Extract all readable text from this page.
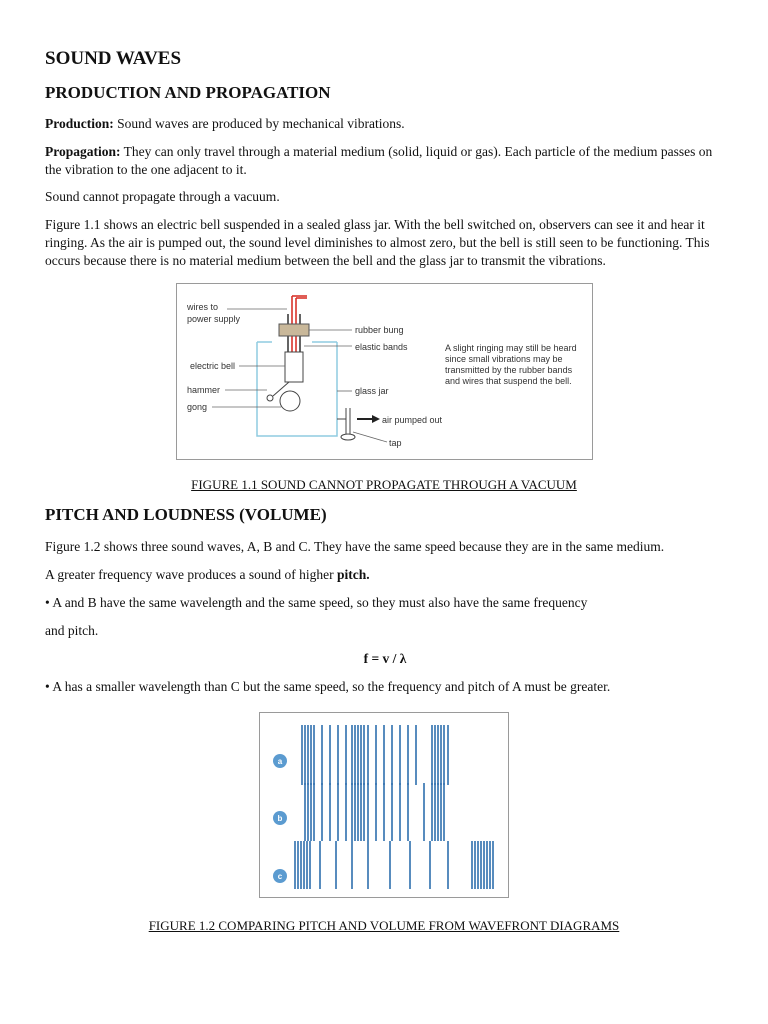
SOUND WAVES
PRODUCTION AND PROPAGATION

Production: Sound waves are produced by mechanical vibrations.

Propagation: They can only travel through a material medium (solid, liquid or gas). Each particle of the medium passes on the vibration to the one adjacent to it.

Sound cannot propagate through a vacuum.

Figure 1.1 shows an electric bell suspended in a sealed glass jar. With the bell switched on, observers can see it and hear it ringing. As the air is pumped out, the sound level diminishes to almost zero, but the bell is still seen to be functioning. This occurs because there is no material medium between the bell and the glass jar to transmit the vibrations.

wires to
power supply
rubber bung
elastic bands
electric bell
hammer
gong
glass jar
air pumped out
tap
A slight ringing may still be heard
since small vibrations may be
transmitted by the rubber bands
and wires that suspend the bell.

FIGURE 1.1 SOUND CANNOT PROPAGATE THROUGH A VACUUM

PITCH AND LOUDNESS (VOLUME)

Figure 1.2 shows three sound waves, A, B and C. They have the same speed because they are in the same medium.

A greater frequency wave produces a sound of higher pitch.

• A and B have the same wavelength and the same speed, so they must also have the same frequency

and pitch.

f = v / λ

• A has a smaller wavelength than C but the same speed, so the frequency and pitch of A must be greater.

a
b
c

FIGURE 1.2 COMPARING PITCH AND VOLUME FROM WAVEFRONT DIAGRAMS
